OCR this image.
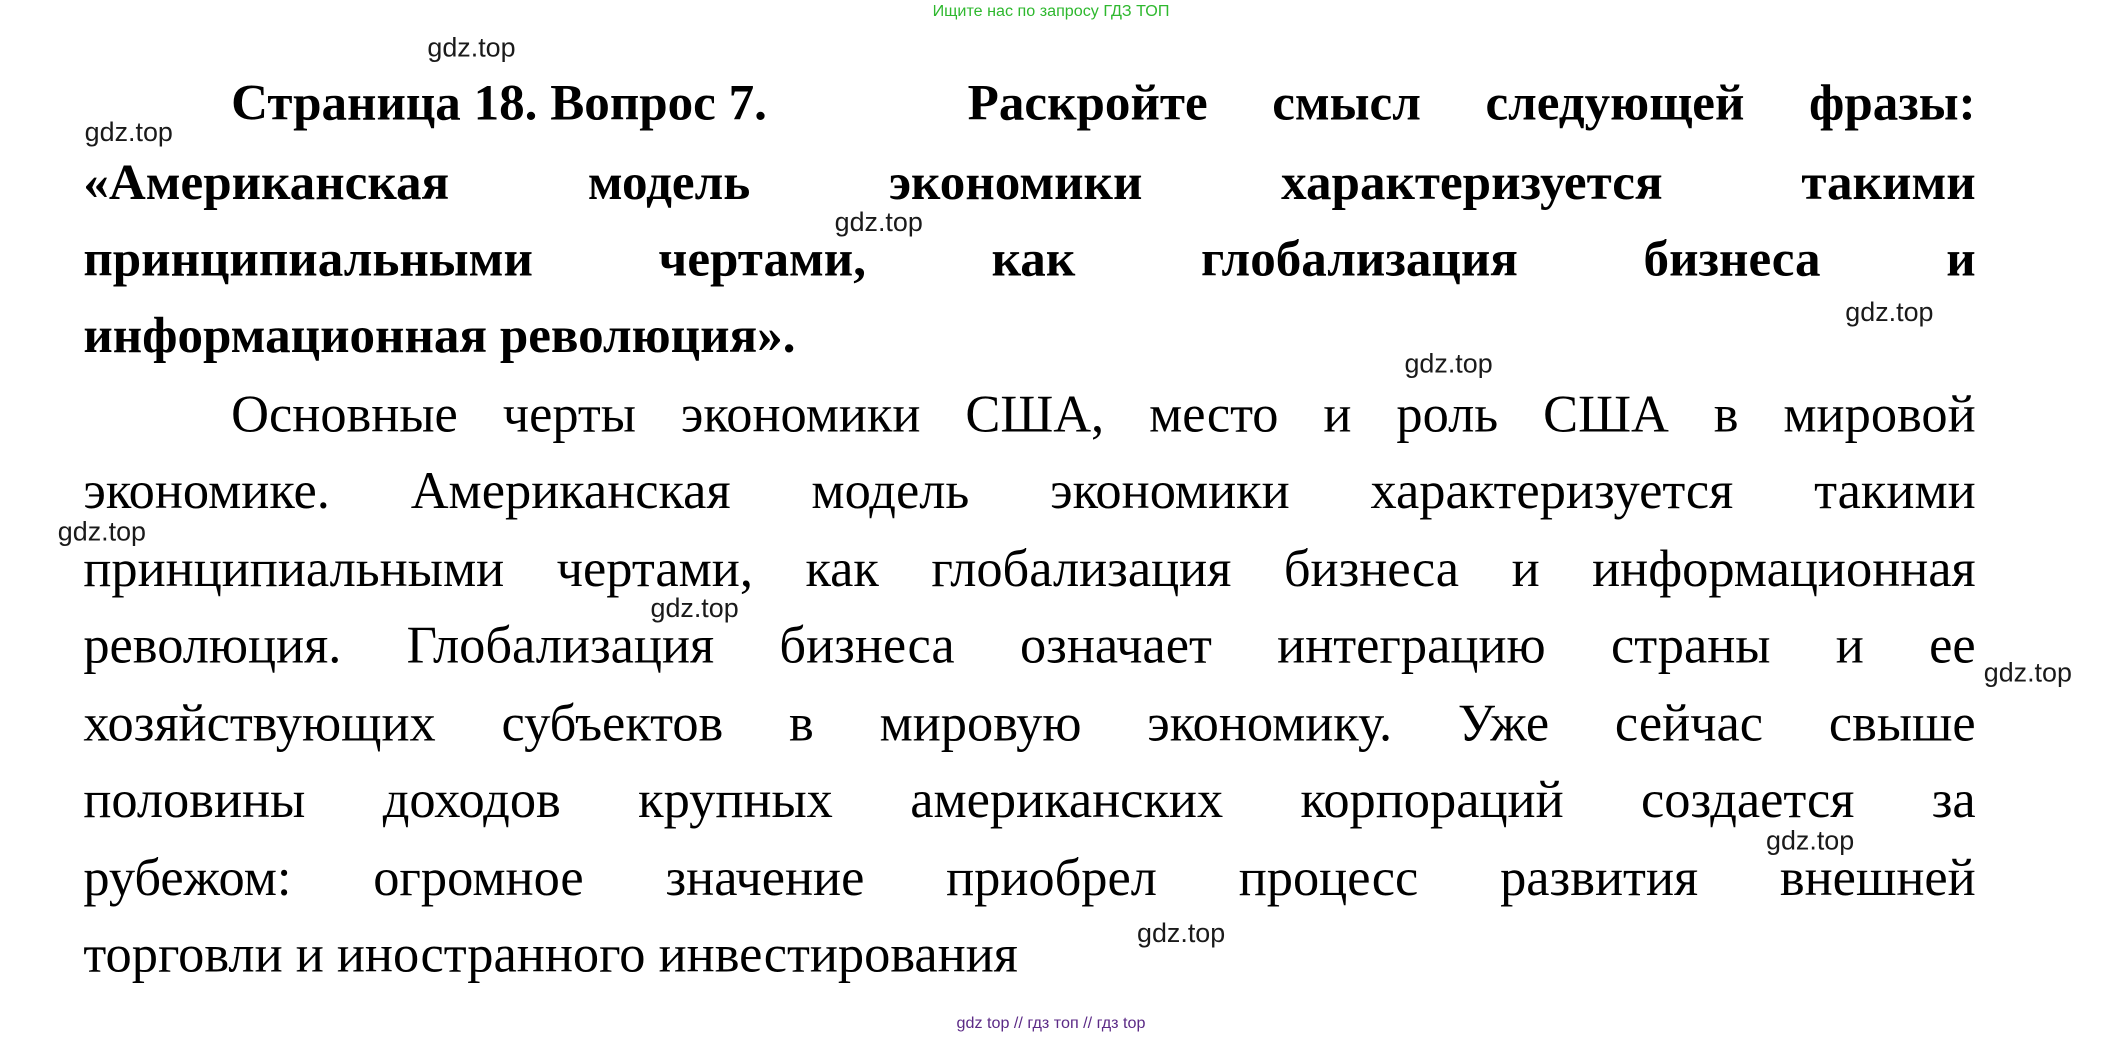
Ищите нас по запросу ГДЗ ТОП
Страница 18. Вопрос 7.	Раскройте смысл следующей фразы:
«Американская модель экономики характеризуется такими
принципиальными чертами, как глобализация бизнеса и
информационная революция».
Основные черты экономики США, место и роль США в мировой
экономике. Американская модель экономики характеризуется такими
принципиальными чертами, как глобализация бизнеса и информационная
революция. Глобализация бизнеса означает интеграцию страны и ее
хозяйствующих субъектов в мировую экономику. Уже сейчас свыше
половины доходов крупных американских корпораций создается за
рубежом: огромное значение приобрел процесс развития внешней
торговли и иностранного инвестирования
gdz.top
gdz.top
gdz.top
gdz.top
gdz.top
gdz.top
gdz.top
gdz.top
gdz.top
gdz.top
gdz top // гдз топ // гдз top
